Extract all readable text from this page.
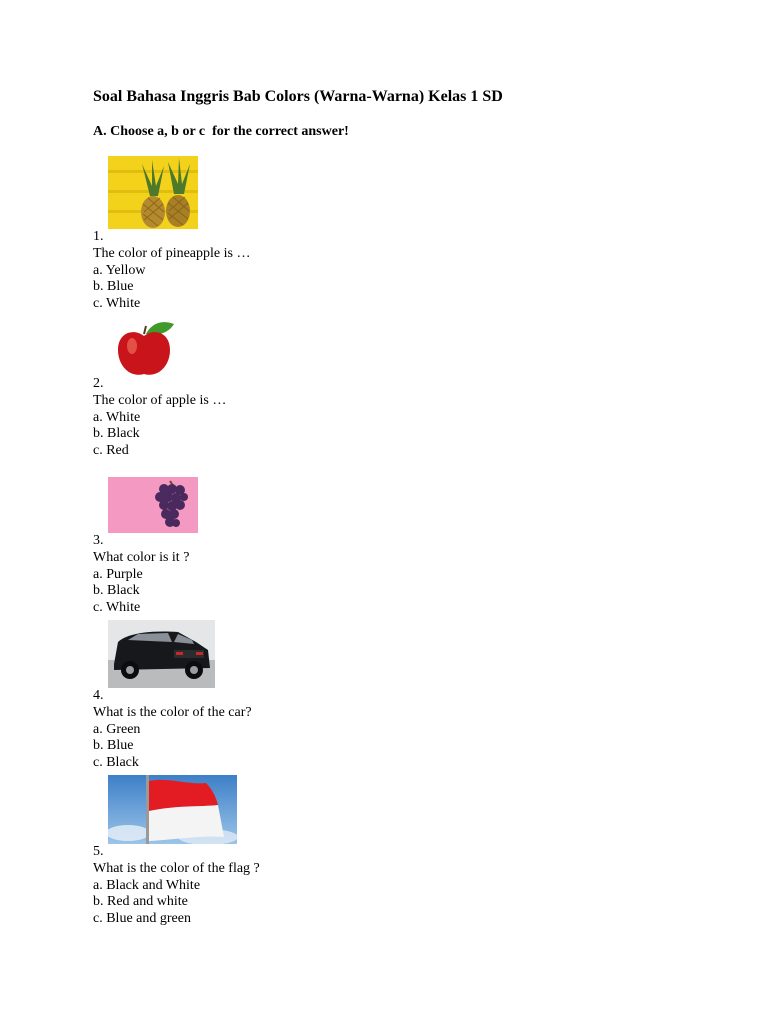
Soal Bahasa Inggris Bab Colors (Warna-Warna) Kelas 1 SD
A. Choose a, b or c  for the correct answer!
1.
The color of pineapple is …
a. Yellow
b. Blue
c. White
2.
The color of apple is …
a. White
b. Black
c. Red
3.
What color is it ?
a. Purple
b. Black
c. White
4.
What is the color of the car?
a. Green
b. Blue
c. Black
5.
What is the color of the flag ?
a. Black and White
b. Red and white
c. Blue and green
